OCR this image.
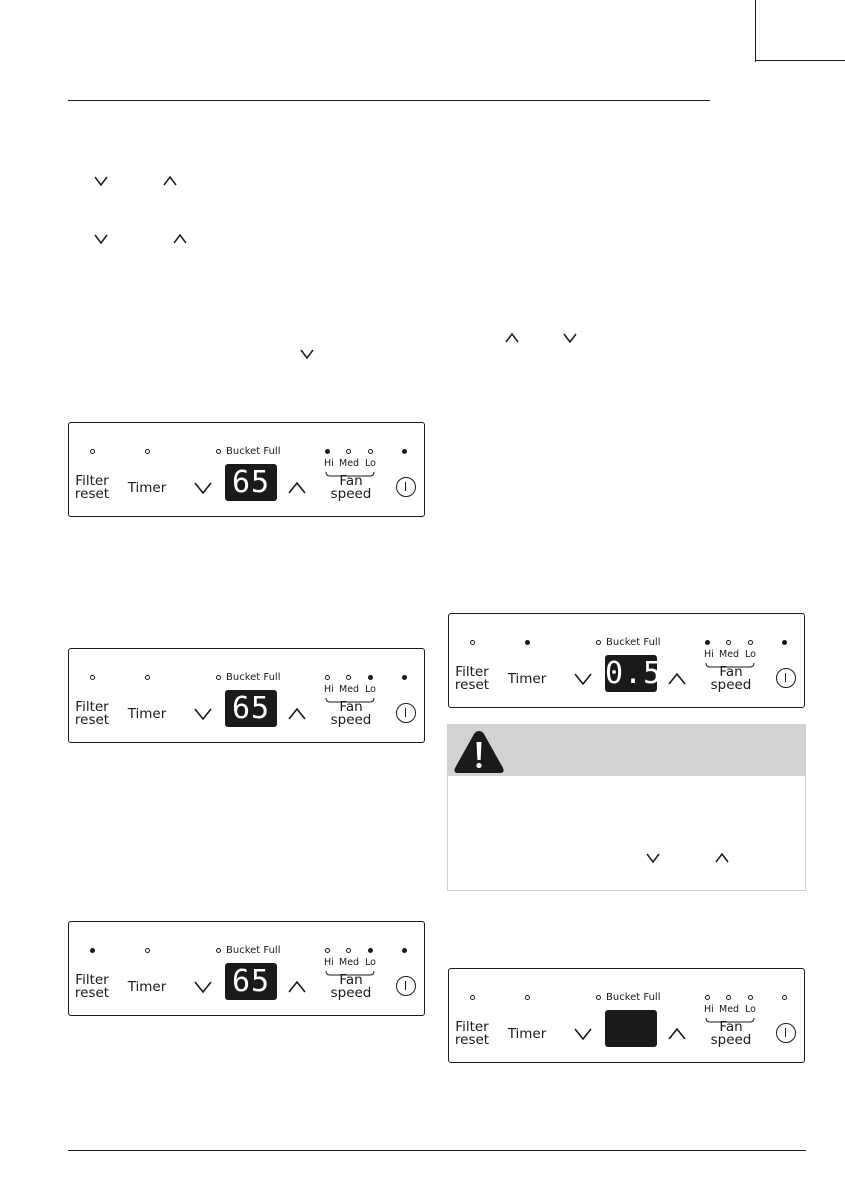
Bucket Full
Hi Med Lo
Filter
reset Timer 65	Fan
speed
Bucket Full
Hi Med Lo
Filter
reset Timer 65	Fan
speed
Bucket Full
Hi Med Lo
Filter
reset Timer 65	Fan
speed
Bucket Full
Hi Med Lo
Filter
reset Timer 0.5	Fan
speed
Bucket Full
Hi Med Lo
Filter
reset Timer	Fan
speed
